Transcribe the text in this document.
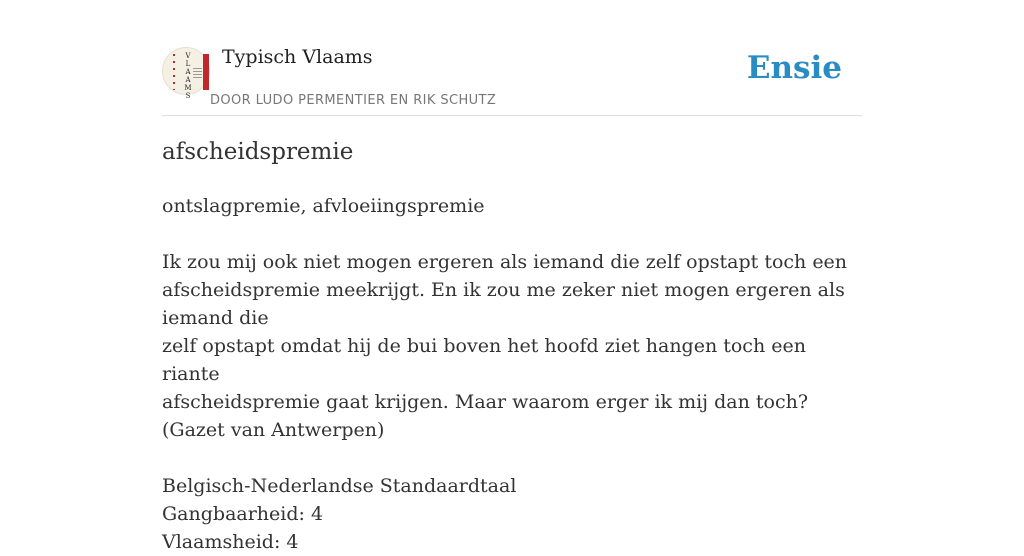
V
L
A
A
M
S
Typisch Vlaams
DOOR LUDO PERMENTIER EN RIK SCHUTZ
Ensie
afscheidspremie

ontslagpremie, afvloeiingspremie

Ik zou mij ook niet mogen ergeren als iemand die zelf opstapt toch een

afscheidspremie meekrijgt. En ik zou me zeker niet mogen ergeren als iemand die

zelf opstapt omdat hij de bui boven het hoofd ziet hangen toch een riante

afscheidspremie gaat krijgen. Maar waarom erger ik mij dan toch?

(Gazet van Antwerpen)

Belgisch-Nederlandse Standaardtaal

Gangbaarheid: 4

Vlaamsheid: 4
